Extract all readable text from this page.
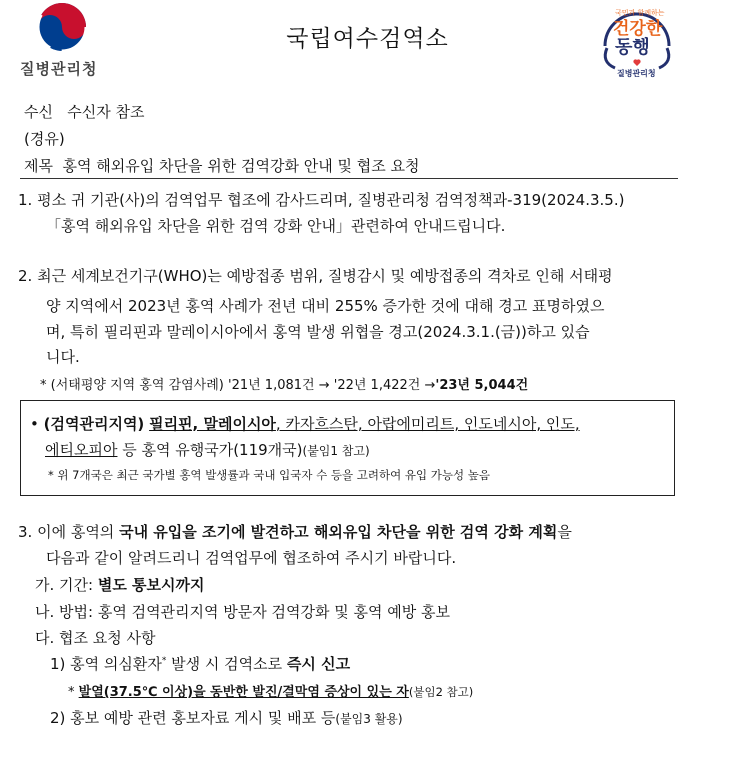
질병관리청
국립여수검역소
국민과 함께하는
건강한
동행
질병관리청
수신 수신자 참조
(경유)
제목 홍역 해외유입 차단을 위한 검역강화 안내 및 협조 요청
1. 평소 귀 기관(사)의 검역업무 협조에 감사드리며, 질병관리청 검역정책과-319(2024.3.5.)
「홍역 해외유입 차단을 위한 검역 강화 안내」관련하여 안내드립니다.
2. 최근 세계보건기구(WHO)는 예방접종 범위, 질병감시 및 예방접종의 격차로 인해 서태평
양 지역에서 2023년 홍역 사례가 전년 대비 255% 증가한 것에 대해 경고 표명하였으
며, 특히 필리핀과 말레이시아에서 홍역 발생 위협을 경고(2024.3.1.(금))하고 있습
니다.
* (서태평양 지역 홍역 감염사례) '21년 1,081건 → '22년 1,422건 →'23년 5,044건
• (검역관리지역) 필리핀, 말레이시아, 카자흐스탄, 아랍에미리트, 인도네시아, 인도,
에티오피아 등 홍역 유행국가(119개국)(붙임1 참고)
* 위 7개국은 최근 국가별 홍역 발생률과 국내 입국자 수 등을 고려하여 유입 가능성 높음
3. 이에 홍역의 국내 유입을 조기에 발견하고 해외유입 차단을 위한 검역 강화 계획을
다음과 같이 알려드리니 검역업무에 협조하여 주시기 바랍니다.
가. 기간: 별도 통보시까지
나. 방법: 홍역 검역관리지역 방문자 검역강화 및 홍역 예방 홍보
다. 협조 요청 사항
1) 홍역 의심환자* 발생 시 검역소로 즉시 신고
* 발열(37.5℃ 이상)을 동반한 발진/결막염 증상이 있는 자(붙임2 참고)
2) 홍보 예방 관련 홍보자료 게시 및 배포 등(붙임3 활용)
